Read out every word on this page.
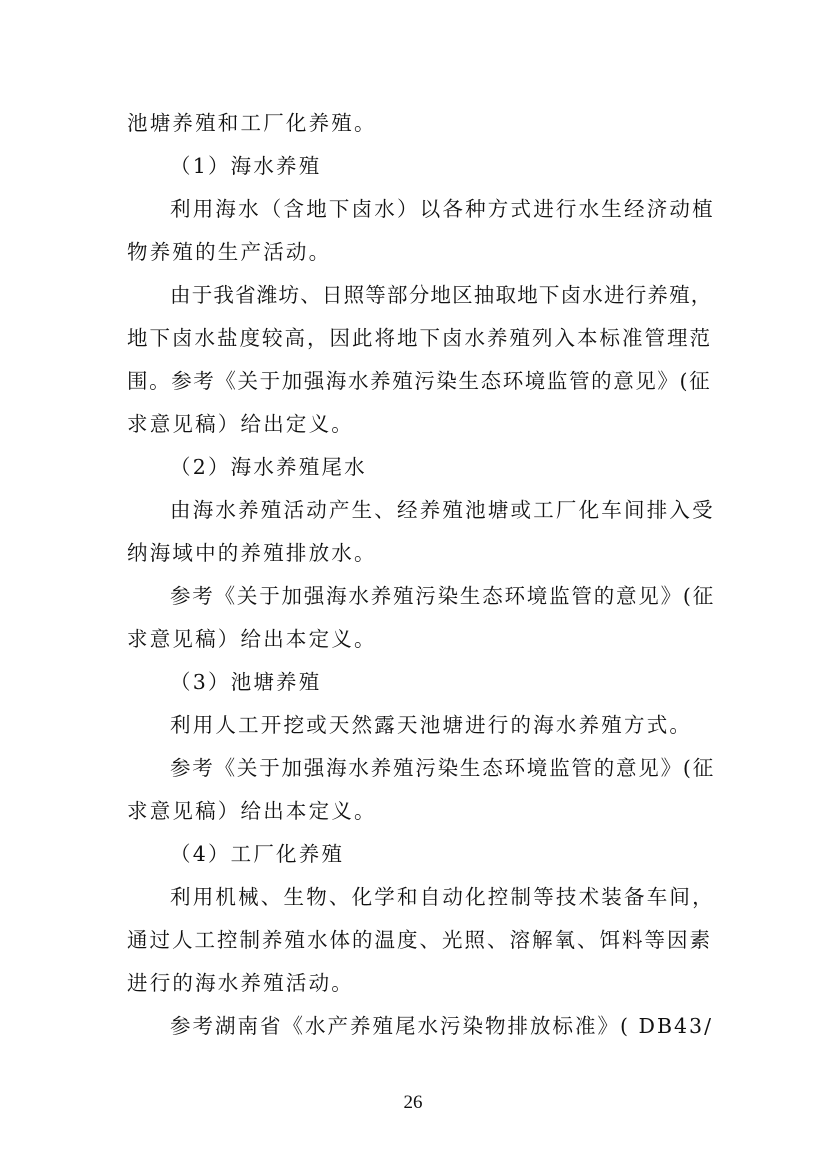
池塘养殖和工厂化养殖。
（1）海水养殖
利用海水（含地下卤水）以各种方式进行水生经济动植
物养殖的生产活动。
由于我省潍坊、日照等部分地区抽取地下卤水进行养殖，
地下卤水盐度较高，因此将地下卤水养殖列入本标准管理范
围。参考《关于加强海水养殖污染生态环境监管的意见》(征
求意见稿）给出定义。
（2）海水养殖尾水
由海水养殖活动产生、经养殖池塘或工厂化车间排入受
纳海域中的养殖排放水。
参考《关于加强海水养殖污染生态环境监管的意见》(征
求意见稿）给出本定义。
（3）池塘养殖
利用人工开挖或天然露天池塘进行的海水养殖方式。
参考《关于加强海水养殖污染生态环境监管的意见》(征
求意见稿）给出本定义。
（4）工厂化养殖
利用机械、生物、化学和自动化控制等技术装备车间，
通过人工控制养殖水体的温度、光照、溶解氧、饵料等因素
进行的海水养殖活动。
参考湖南省《水产养殖尾水污染物排放标准》( DB43/
26
